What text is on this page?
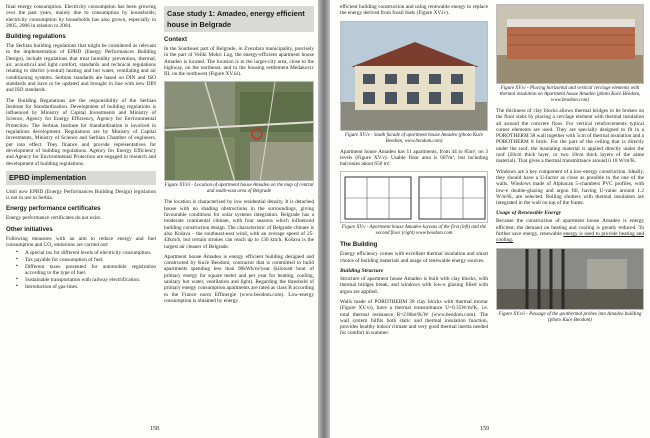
final energy consumption. Electricity consumption has been growing over the past years, mainly due to consumption by households; electricity consumption by households has also grown, especially in 2005, 2006 in relation to 2004.

Building regulations

The Serbian building regulations that might be considered as relevant to the implementation of EPBD (Energy Performances Building Design), include regulations that treat humidity prevention, thermal, air, acoustical and light comfort, standards and technical regulations relating to district (central) heating and hot water, ventilating and air conditioning systems. Serbian standards are based on DIN and ISO standards and have to be updated and brought in line with new DIN and ISO standards.

The Building Regulations are the responsibility of the Serbian Institute for Standardization. Development of building regulations is influenced by Ministry of Capital Investments and Ministry of Science, Agency for Energy Efficiency, Agency for Environmental Protection. The Serbian Institute for Standardisation is involved in regulations development. Regulations are by Ministry of Capital Investments, Ministry of Science and Serbian Chamber of engineers, put into effect. They finance and provide representatives for development of building regulations. Agency for Energy Efficiency and Agency for Environmental Protection are engaged in research and development of building regulations.

EPBD implementation

Until now EPBD (Energy Performances Building Design) legislation is not in use in Serbia.

Energy performance certificates

Energy performance certificates do not exist.

Other initiatives

Following measures with an aim to reduce energy and fuel consumption and CO₂ emissions are carried out:

▪ A special tax for different levels of electricity consumption.
▪ Tax payable for consumption of fuel.
▪ Different taxes presented for automobile registration according to the type of fuel.
▪ Sustainable transportation with railway electrification.
▪ Introduction of gas-lines.
Case study 1: Amadeo, energy efficient house in Belgrade
Context

In the Southeast part of Belgrade, in Zvezdara municipality, precisely in the part of Veliki Mokri Lug, the energy-efficient apartment house Amadeo is located. The location is in the larger-city area, close to the highway, on the northeast, and to the housing settlement Medakovic III, on the northwest (Figure XV.iii).

Figure XV.iii - Location of apartment house Amadeo on the map of central and south-east area of Belgrade

The location is characterised by low residential density. It is detached house with no shading obstructions in the surroundings, giving favourable conditions for solar systems integration. Belgrade has a moderate continental climate, with four seasons which influenced building construction design. The characteristic of Belgrade climate is also Košava - the southeast-east wind, with an average speed of 25-43km/h, but certain strokes can reach up to 130 km/h. Košava is the largest air cleaner of Belgrade.

Apartment house Amadeo is energy efficient building designed and constructed by Kuće Beodom, contractor that is committed to build apartments spending less than 90kWh/m²year (kilowatt hour of primary energy for square meter and per year for heating, cooling, sanitary hot water, ventilation and light). Regarding the threshold of primary energy consumption apartments are rated as class B according to the France norm Effinergie (www.beodom.com). Low-energy consumption is obtained by energy

158

efficient building construction and using renewable energy to replace the energy derived from fossil fuels (Figure XV.iv).

Figure XV.iv - South facade of apartment house Amadeo (photo Kuće Beodom, www.beodom.com)

Apartment house Amadeo has 11 apartments, from 44 to 85m², on 3 levels (Figure XV.v). Usable floor area is 607m², but including balconies about 650 m².

Figure XV.v - Apartment house Amadeo-layouts of the first (left) and the second floor (right) www.beodom.com
The Building

Energy efficiency comes with excellent thermal insulation and smart choice of building materials and usage of renewable energy sources.

Building Structure

Structure of apartment house Amadeo is built with clay blocks, with thermal bridges break, and windows with low-e glazing filled with argon are applied.

Walls made of POROTHERM 38 clay blocks with thermal mortar (Figure XV.vi), have a thermal transmittance U=0.35W/m²K, i.e. total thermal resistance R=2.86m²K/W (www.beodom.com). The wall system fulfils both static and thermal insulation function, provides healthy indoor climate and very good thermal inertia needed for comfort in summer.

Figure XV.vi - Placing horizontal and vertical cerclage elements with thermal insulation on Apartment house Amadeo (photo Kuće Beodom, www.beodom.com)

The thickness of clay blocks allows thermal bridges to be broken on the floor slabs by placing a cerclage element with thermal insulation all around the concrete floor. For vertical reinforcements typical corner elements are used. They are specially designed to fit in a POROTHERM 38 wall together with 5cm of thermal insulation and a POROTHERM 8 brick. For the part of the ceiling that is directly under the roof, the insulating material is applied directly under the roof (20cm thick layer, or two 10cm thick layers of the same material). That gives a thermal transmittance around 0.18 W/m²K.

Windows are a key component of a low-energy construction. Ideally, they should have a U-factor as close as possible to the one of the walls. Windows made of Alphacan 5-chambers PVC profiles, with low-e double-glazing and argon fill, having U-value around 1.2 W/m²K, are selected. Rolling shutters with thermal insulation are integrated in the wall on top of the frame.

Usage of Renewable Energy

Because the construction of apartment house Amadeo is energy efficient, the demand on heating and cooling is greatly reduced. To further save energy, renewable energy is used to provide heating and cooling.

Figure XV.vii - Passage of the geothermal probes into Amadeo building (photo Kuće Beodom)
159
